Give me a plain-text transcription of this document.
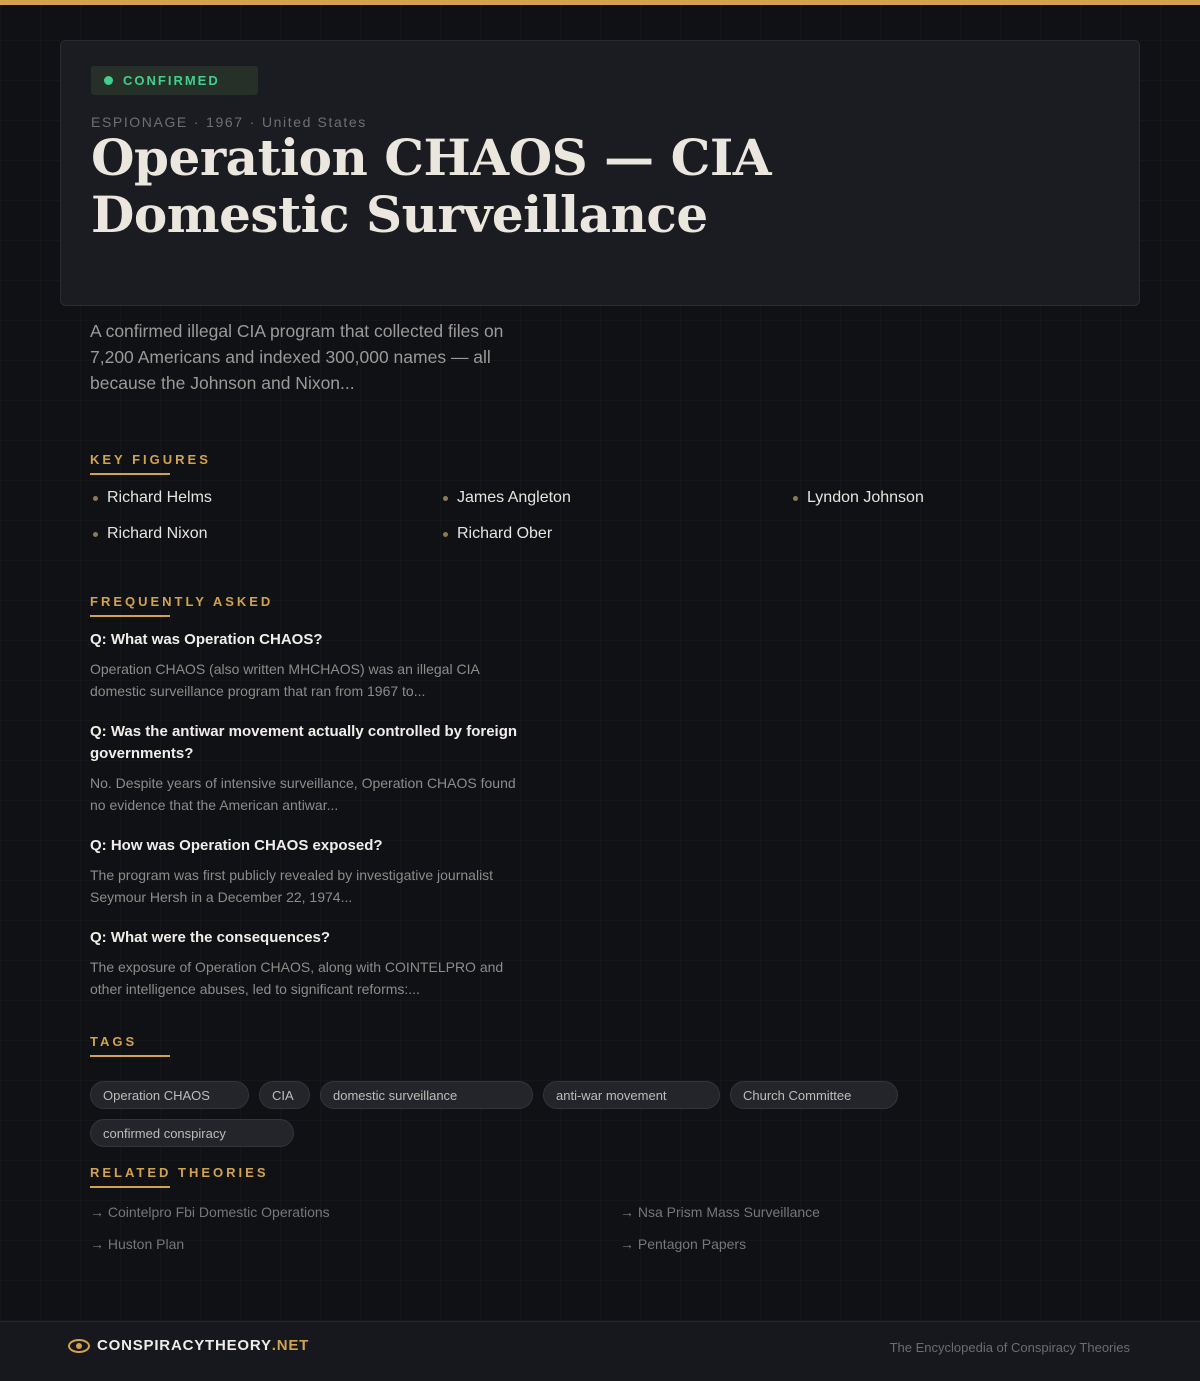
CONFIRMED
ESPIONAGE · 1967 · United States
Operation CHAOS — CIA Domestic Surveillance

A confirmed illegal CIA program that collected files on 7,200 Americans and indexed 300,000 names — all because the Johnson and Nixon...

KEY FIGURES
Richard Helms	James Angleton	Lyndon Johnson
Richard Nixon	Richard Ober
FREQUENTLY ASKED
Q: What was Operation CHAOS?
Operation CHAOS (also written MHCHAOS) was an illegal CIA domestic surveillance program that ran from 1967 to...
Q: Was the antiwar movement actually controlled by foreign governments?
No. Despite years of intensive surveillance, Operation CHAOS found no evidence that the American antiwar...
Q: How was Operation CHAOS exposed?
The program was first publicly revealed by investigative journalist Seymour Hersh in a December 22, 1974...
Q: What were the consequences?
The exposure of Operation CHAOS, along with COINTELPRO and other intelligence abuses, led to significant reforms:...
TAGS
Operation CHAOS	CIA	domestic surveillance	anti-war movement	Church Committee
confirmed conspiracy
RELATED THEORIES
→ Cointelpro Fbi Domestic Operations	→ Nsa Prism Mass Surveillance
→ Huston Plan	→ Pentagon Papers
CONSPIRACYTHEORY .NET	The Encyclopedia of Conspiracy Theories
